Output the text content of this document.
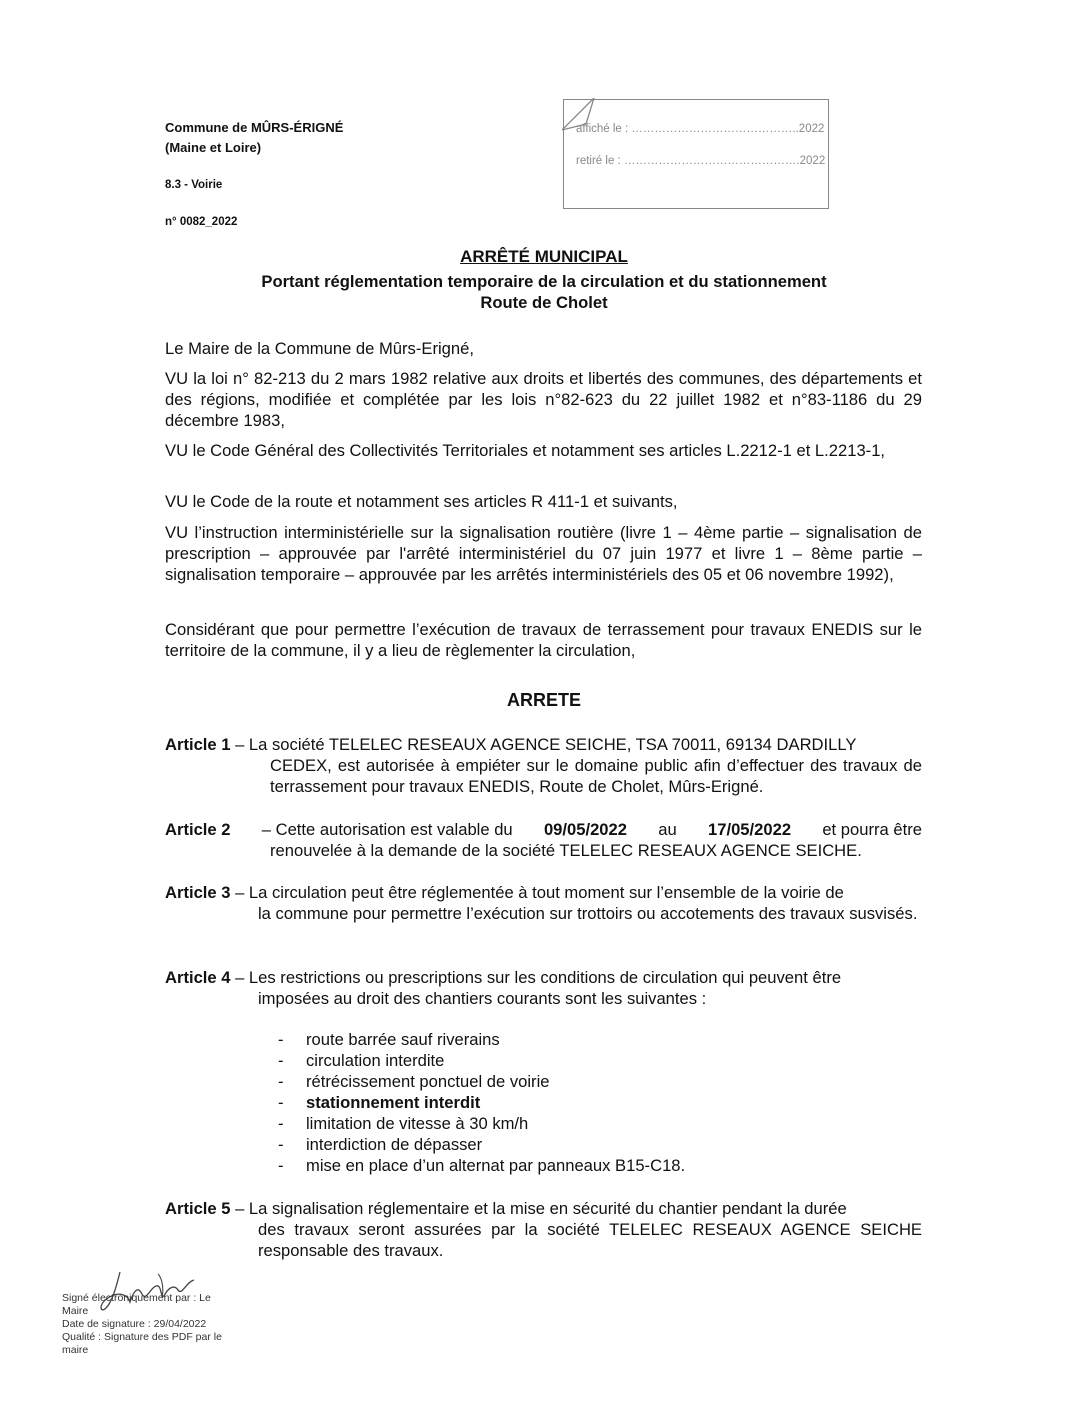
Commune de MÛRS-ÉRIGNÉ
(Maine et Loire)
8.3 - Voirie
n° 0082_2022
affiché le : ……………………………………..2022
retiré le : ……………………………………….2022
ARRÊTÉ MUNICIPAL
Portant réglementation temporaire de la circulation et du stationnement
Route de Cholet
Le Maire de la Commune de Mûrs-Erigné,
VU la loi n° 82-213 du 2 mars 1982 relative aux droits et libertés des communes, des départements et des régions, modifiée et complétée par les lois n°82-623 du 22 juillet 1982 et n°83-1186 du 29 décembre 1983,
VU le Code Général des Collectivités Territoriales et notamment ses articles L.2212-1 et L.2213-1,
VU le Code de la route et notamment ses articles R 411-1 et suivants,
VU l’instruction interministérielle sur la signalisation routière (livre 1 – 4ème partie – signalisation de prescription – approuvée par l'arrêté interministériel du 07 juin 1977 et livre 1 – 8ème partie – signalisation temporaire – approuvée par les arrêtés interministériels des 05 et 06 novembre 1992),
Considérant que pour permettre l’exécution de travaux de terrassement pour travaux ENEDIS sur le territoire de la commune, il y a lieu de règlementer la circulation,
ARRETE
Article 1 – La société TELELEC RESEAUX AGENCE SEICHE, TSA 70011, 69134 DARDILLY
CEDEX, est autorisée à empiéter sur le domaine public afin d’effectuer des travaux de terrassement pour travaux ENEDIS, Route de Cholet, Mûrs-Erigné.
Article 2 – Cette autorisation est valable du 09/05/2022 au 17/05/2022 et pourra être
renouvelée à la demande de la société TELELEC RESEAUX AGENCE SEICHE.
Article 3 – La circulation peut être réglementée à tout moment sur l’ensemble de la voirie de
la commune pour permettre l’exécution sur trottoirs ou accotements des travaux susvisés.
Article 4 – Les restrictions ou prescriptions sur les conditions de circulation qui peuvent être
imposées au droit des chantiers courants sont les suivantes :
- route barrée sauf riverains
- circulation interdite
- rétrécissement ponctuel de voirie
- stationnement interdit
- limitation de vitesse à 30 km/h
- interdiction de dépasser
- mise en place d’un alternat par panneaux B15-C18.
Article 5 – La signalisation réglementaire et la mise en sécurité du chantier pendant la durée
des travaux seront assurées par la société TELELEC RESEAUX AGENCE SEICHE responsable des travaux.
Signé électroniquement par : Le
Maire
Date de signature : 29/04/2022
Qualité : Signature des PDF par le
maire
